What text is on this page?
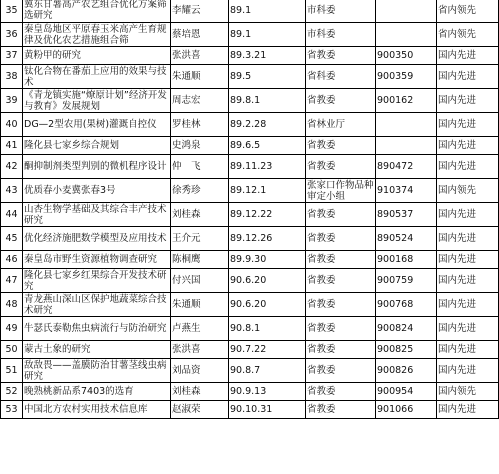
35	冀东甘薯高产农艺组合优化方案筛选研究	李耀云	89.1	市科委		省内领先
36	秦皇岛地区平原春玉米高产生育规律及优化农艺措施组合筛	蔡培恩	89.1	市科委		省内领先
37	黄粉甲的研究	张洪喜	89.3.21	省教委	900350	国内先进
38	钛化合物在番茄上应用的效果与技术	朱通顺	89.5	省科委	900359	国内先进
39	《青龙镇实施“燎原计划”经济开发与教育》发展规划	周志宏	89.8.1	省教委	900162	国内先进
40	DG—2型农用(果树)灌溉自控仪	罗桂林	89.2.28	省林业厅		国内先进
41	隆化县七家乡综合规划	史鸿泉	89.6.5	省教委		国内先进
42	酮抑制剂类型判别的微机程序设计	仲　飞	89.11.23	省教委	890472	国内先进
43	优质春小麦冀张春3号	徐秀珍	89.12.1	张家口作物品种审定小组	910374	国内领先
44	山杏生物学基础及其综合丰产技术研究	刘桂森	89.12.22	省教委	890537	国内先进
45	优化经济施肥数学模型及应用技术	王介元	89.12.26	省教委	890524	国内先进
46	秦皇岛市野生资源植物调查研究	陈桐鹰	89.9.30	省教委	900168	国内先进
47	隆化县七家乡红果综合开发技术研究	付兴国	90.6.20	省教委	900759	国内先进
48	青龙燕山深山区保护地蔬菜综合技术研究	朱通顺	90.6.20	省教委	900768	国内先进
49	牛瑟氏泰勒焦虫病流行与防治研究	卢燕生	90.8.1	省教委	900824	国内先进
50	蒙古土象的研究	张洪喜	90.7.22	省教委	900825	国内先进
51	敌敌畏——盖膜防治甘薯茎线虫病研究	刘品资	90.8.7	省教委	900826	国内先进
52	晚熟桃新品系7403的选育	刘桂森	90.9.13	省教委	900954	国内领先
53	中国北方农村实用技术信息库	赵淑荣	90.10.31	省教委	901066	国内先进
